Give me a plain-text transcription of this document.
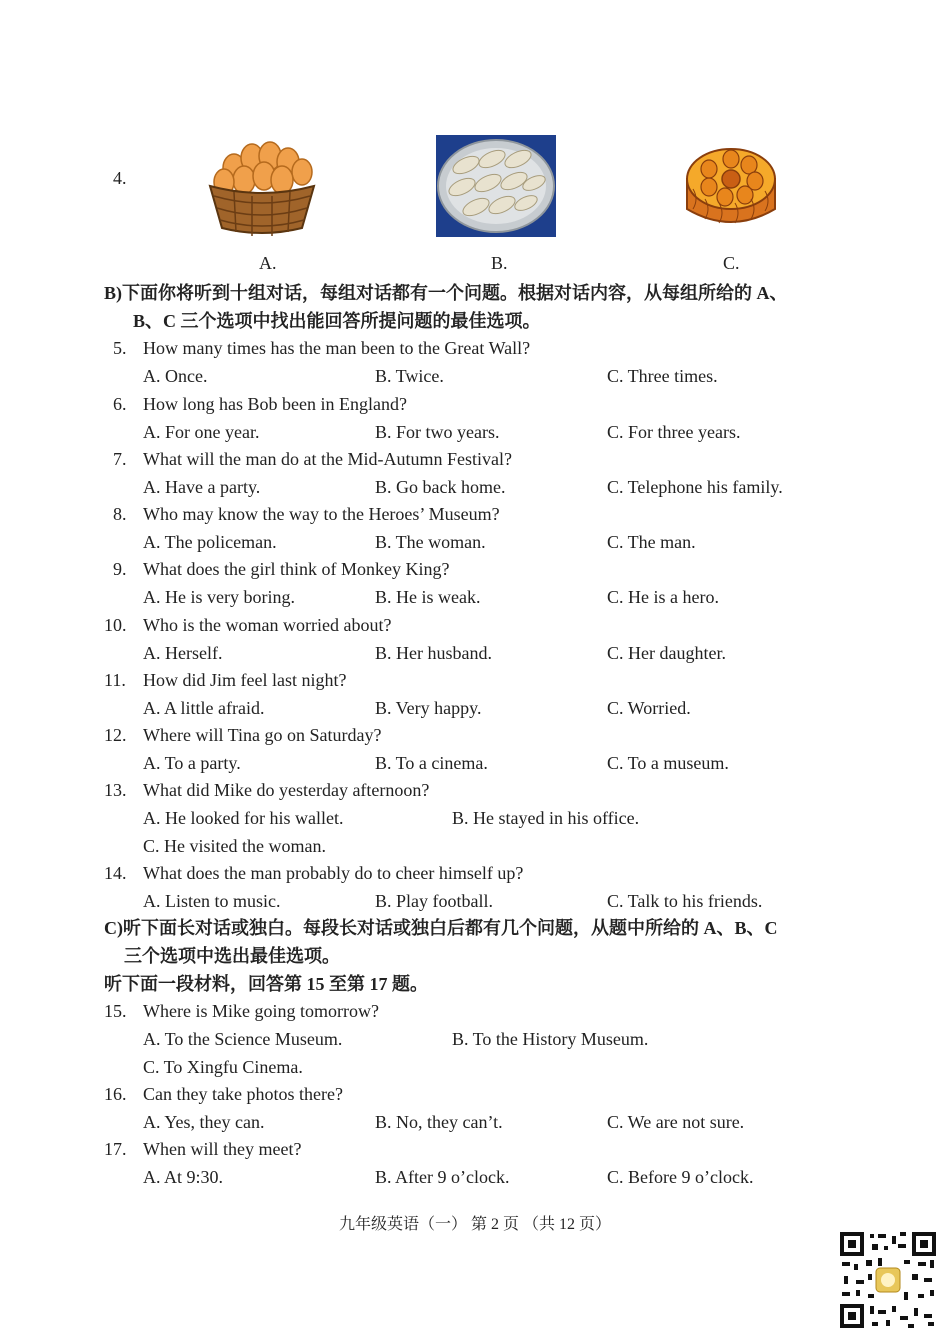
4.
A.	B.	C.
B)下面你将听到十组对话，每组对话都有一个问题。根据对话内容，从每组所给的 A、
B、C 三个选项中找出能回答所提问题的最佳选项。
5. How many times has the man been to the Great Wall?
A. Once.	B. Twice.	C. Three times.
6. How long has Bob been in England?
A. For one year.	B. For two years.	C. For three years.
7. What will the man do at the Mid-Autumn Festival?
A. Have a party.	B. Go back home.	C. Telephone his family.
8. Who may know the way to the Heroes’ Museum?
A. The policeman.	B. The woman.	C. The man.
9. What does the girl think of Monkey King?
A. He is very boring.	B. He is weak.	C. He is a hero.
10. Who is the woman worried about?
A. Herself.	B. Her husband.	C. Her daughter.
11. How did Jim feel last night?
A. A little afraid.	B. Very happy.	C. Worried.
12. Where will Tina go on Saturday?
A. To a party.	B. To a cinema.	C. To a museum.
13. What did Mike do yesterday afternoon?
A. He looked for his wallet.	B. He stayed in his office.
C. He visited the woman.
14. What does the man probably do to cheer himself up?
A. Listen to music.	B. Play football.	C. Talk to his friends.
C)听下面长对话或独白。每段长对话或独白后都有几个问题，从题中所给的 A、B、C
三个选项中选出最佳选项。
听下面一段材料，回答第 15 至第 17 题。
15. Where is Mike going tomorrow?
A. To the Science Museum.	B. To the History Museum.
C. To Xingfu Cinema.
16. Can they take photos there?
A. Yes, they can.	B. No, they can’t.	C. We are not sure.
17. When will they meet?
A. At 9:30.	B. After 9 o’clock.	C. Before 9 o’clock.
九年级英语（一） 第 2 页 （共 12 页）
